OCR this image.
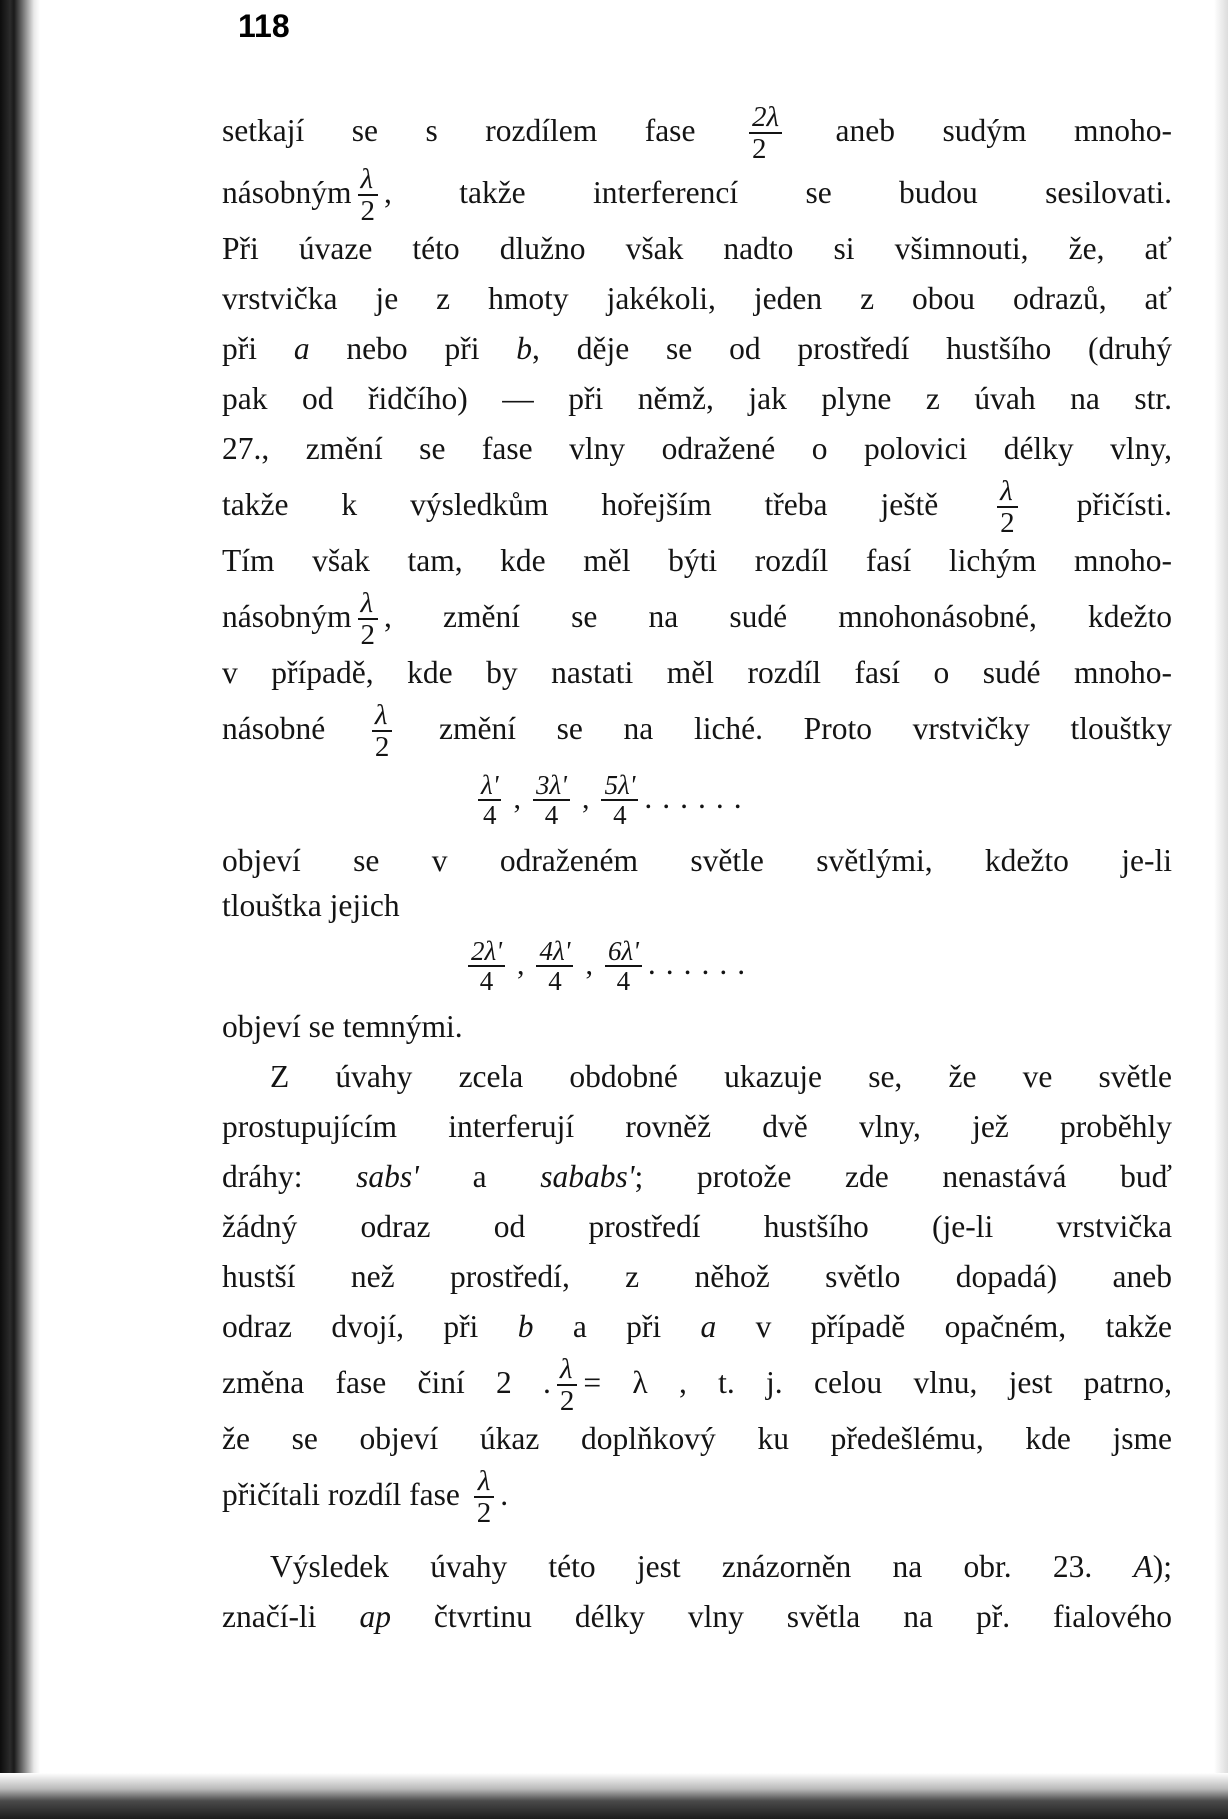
118
setkají se s rozdílem fase $\frac{2\lambda}{2}$ aneb sudým mnoho-
násobným $\frac{\lambda}{2}$ , takže interferencí se budou sesilovati.
Při úvaze této dlužno však nadto si všimnouti, že, ať
vrstvička je z hmoty jakékoli, jeden z obou odrazů, ať
při a nebo při b, děje se od prostředí hustšího (druhý
pak od řidčího) — při němž, jak plyne z úvah na str.
27., změní se fase vlny odražené o polovici délky vlny,
takže k výsledkům hořejším třeba ještě $\frac{\lambda}{2}$ přičísti.
Tím však tam, kde měl býti rozdíl fasí lichým mnoho-
násobným $\frac{\lambda}{2}$ , změní se na sudé mnohonásobné, kdežto
v případě, kde by nastati měl rozdíl fasí o sudé mnoho-
násobné $\frac{\lambda}{2}$ změní se na liché. Proto vrstvičky tlouštky
$\frac{\lambda'}{4}$ , $\frac{3\lambda'}{4}$ , $\frac{5\lambda'}{4}$ ......
objeví se v odraženém světle světlými, kdežto je-li
tlouštka jejich
$\frac{2\lambda'}{4}$ , $\frac{4\lambda'}{4}$ , $\frac{6\lambda'}{4}$ ......
objeví se temnými.
Z úvahy zcela obdobné ukazuje se, že ve světle
prostupujícím interferují rovněž dvě vlny, jež proběhly
dráhy: sabs' a sababs'; protože zde nenastává buď
žádný odraz od prostředí hustšího (je-li vrstvička
hustší než prostředí, z něhož světlo dopadá) aneb
odraz dvojí, při b a při a v případě opačném, takže
změna fase činí 2 . $\frac{\lambda}{2} = \lambda$ , t. j. celou vlnu, jest patrno,
že se objeví úkaz doplňkový ku předešlému, kde jsme
přičítali rozdíl fase $\frac{\lambda}{2}$ .
Výsledek úvahy této jest znázorněn na obr. 23. A);
značí-li ap čtvrtinu délky vlny světla na př. fialového
